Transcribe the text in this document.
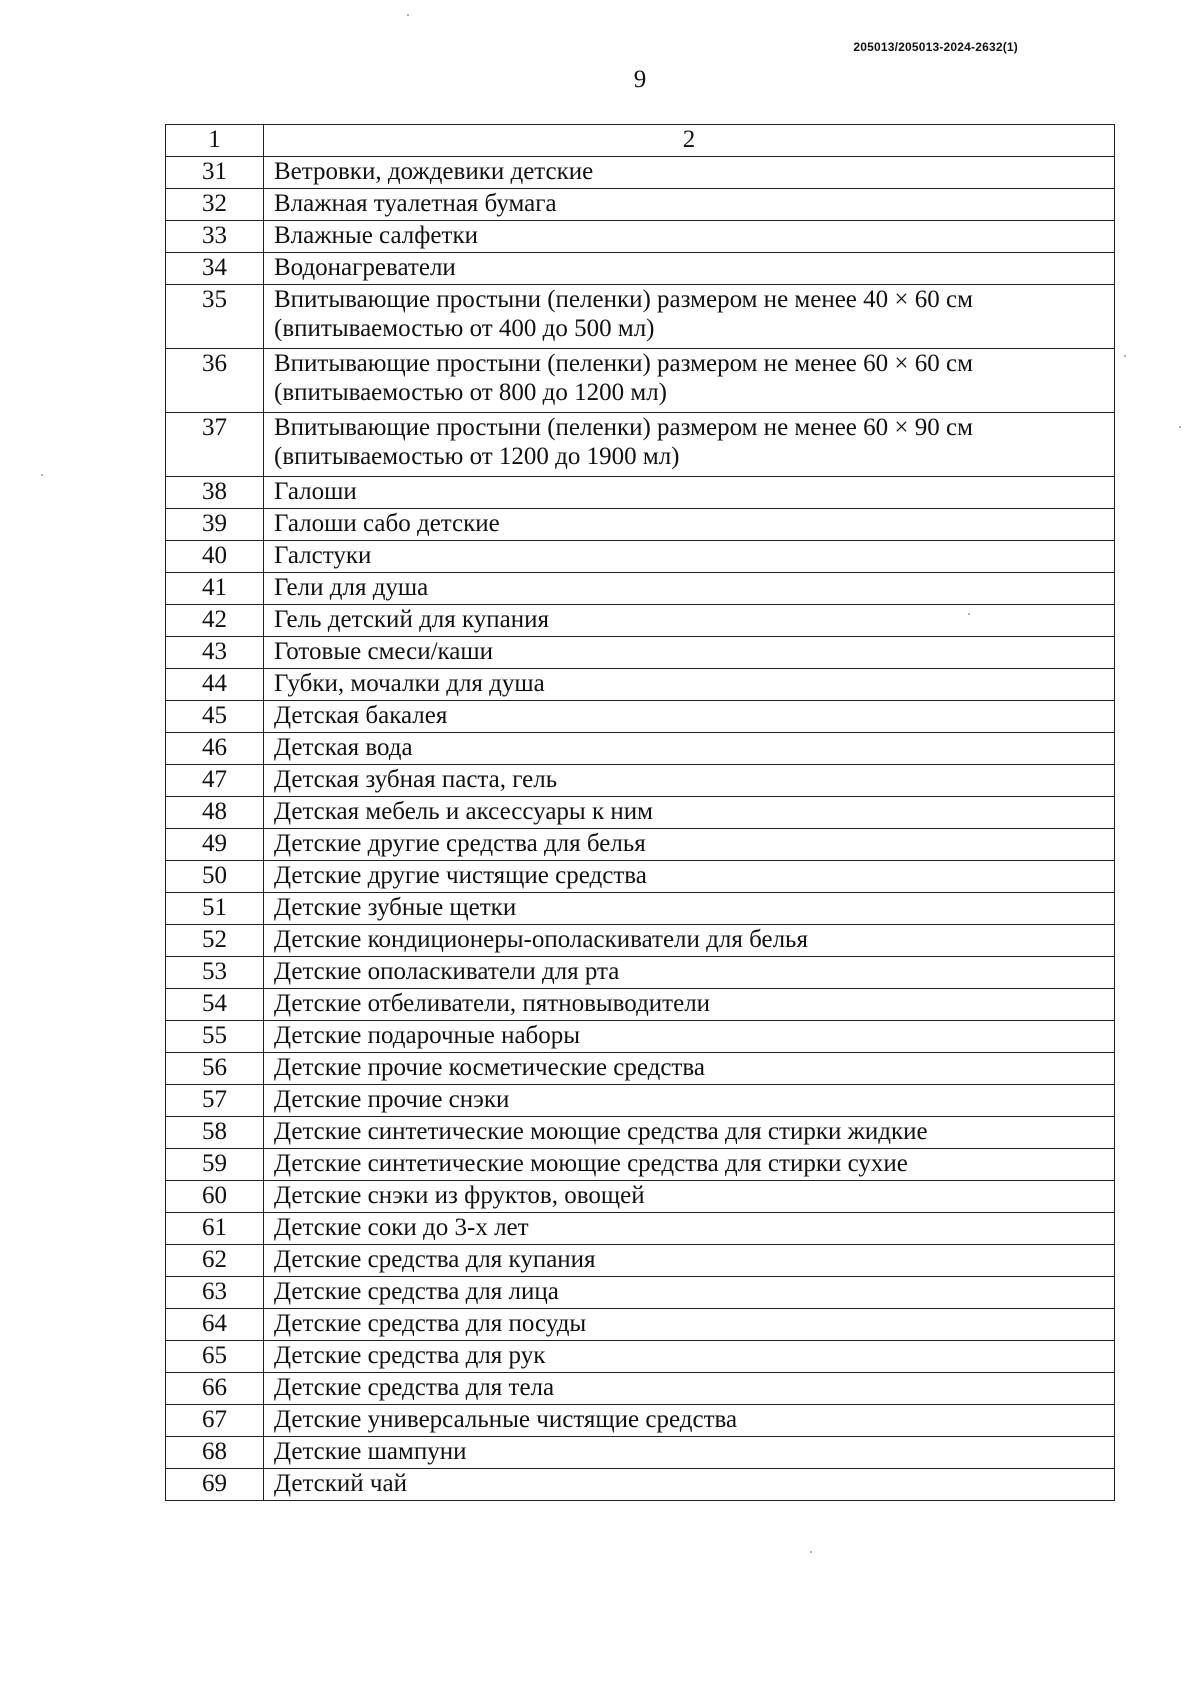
205013/205013-2024-2632(1)
9
1	2
31	Ветровки, дождевики детские
32	Влажная туалетная бумага
33	Влажные салфетки
34	Водонагреватели
35	Впитывающие простыни (пеленки) размером не менее 40 × 60 см (впитываемостью от 400 до 500 мл)
36	Впитывающие простыни (пеленки) размером не менее 60 × 60 см (впитываемостью от 800 до 1200 мл)
37	Впитывающие простыни (пеленки) размером не менее 60 × 90 см (впитываемостью от 1200 до 1900 мл)
38	Галоши
39	Галоши сабо детские
40	Галстуки
41	Гели для душа
42	Гель детский для купания
43	Готовые смеси/каши
44	Губки, мочалки для душа
45	Детская бакалея
46	Детская вода
47	Детская зубная паста, гель
48	Детская мебель и аксессуары к ним
49	Детские другие средства для белья
50	Детские другие чистящие средства
51	Детские зубные щетки
52	Детские кондиционеры-ополаскиватели для белья
53	Детские ополаскиватели для рта
54	Детские отбеливатели, пятновыводители
55	Детские подарочные наборы
56	Детские прочие косметические средства
57	Детские прочие снэки
58	Детские синтетические моющие средства для стирки жидкие
59	Детские синтетические моющие средства для стирки сухие
60	Детские снэки из фруктов, овощей
61	Детские соки до 3-х лет
62	Детские средства для купания
63	Детские средства для лица
64	Детские средства для посуды
65	Детские средства для рук
66	Детские средства для тела
67	Детские универсальные чистящие средства
68	Детские шампуни
69	Детский чай
